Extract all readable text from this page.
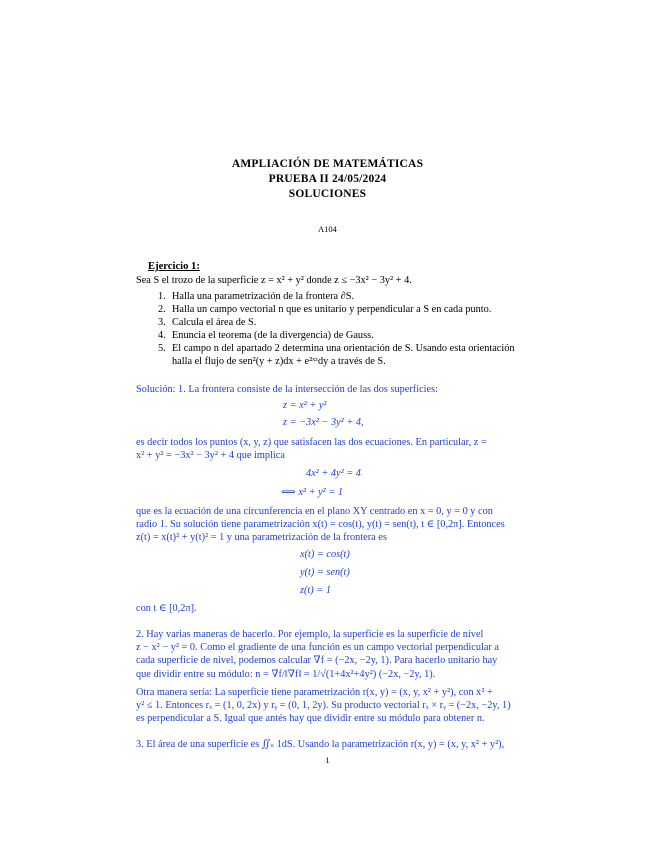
AMPLIACIÓN DE MATEMÁTICAS
PRUEBA II 24/05/2024
SOLUCIONES
A104
Ejercicio 1:
Sea S el trozo de la superficie z = x² + y² donde z ≤ −3x² − 3y² + 4.
1. Halla una parametrización de la frontera ∂S.
2. Halla un campo vectorial n que es unitario y perpendicular a S en cada punto.
3. Calcula el área de S.
4. Enuncia el teorema (de la divergencia) de Gauss.
5. El campo n del apartado 2 determina una orientación de S. Usando esta orientación
halla el flujo de sen²(y + z)dx + e²ˣᶻdy a través de S.
Solución: 1. La frontera consiste de la intersección de las dos superficies:
z = x² + y²
z = −3x² − 3y² + 4,
es decir todos los puntos (x, y, z) que satisfacen las dos ecuaciones. En particular, z =
x² + y² = −3x² − 3y² + 4 que implica
4x² + 4y² = 4
⟺ x² + y² = 1
que es la ecuación de una circunferencia en el plano XY centrado en x = 0, y = 0 y con
radio 1. Su solución tiene parametrización x(t) = cos(t), y(t) = sen(t), t ∈ [0,2π]. Entonces
z(t) = x(t)² + y(t)² = 1 y una parametrización de la frontera es
x(t) = cos(t)
y(t) = sen(t)
z(t) = 1
con t ∈ [0,2π].
2. Hay varias maneras de hacerlo. Por ejemplo, la superficie es la superficie de nivel
z − x² − y² = 0. Como el gradiente de una función es un campo vectorial perpendicular a
cada superficie de nivel, podemos calcular ∇f = (−2x, −2y, 1). Para hacerlo unitario hay
que dividir entre su módulo: n = ∇f/‖∇f‖ = 1/√(1+4x²+4y²) (−2x, −2y, 1).
Otra manera sería: La superficie tiene parametrización r(x, y) = (x, y, x² + y²), con x² +
y² ≤ 1. Entonces rₓ = (1, 0, 2x) y rᵧ = (0, 1, 2y). Su producto vectorial rₓ × rᵧ = (−2x, −2y, 1)
es perpendicular a S. Igual que antés hay que dividir entre su módulo para obtener n.
3. El área de una superficie es ∬ₛ 1dS. Usando la parametrización r(x, y) = (x, y, x² + y²),
1
